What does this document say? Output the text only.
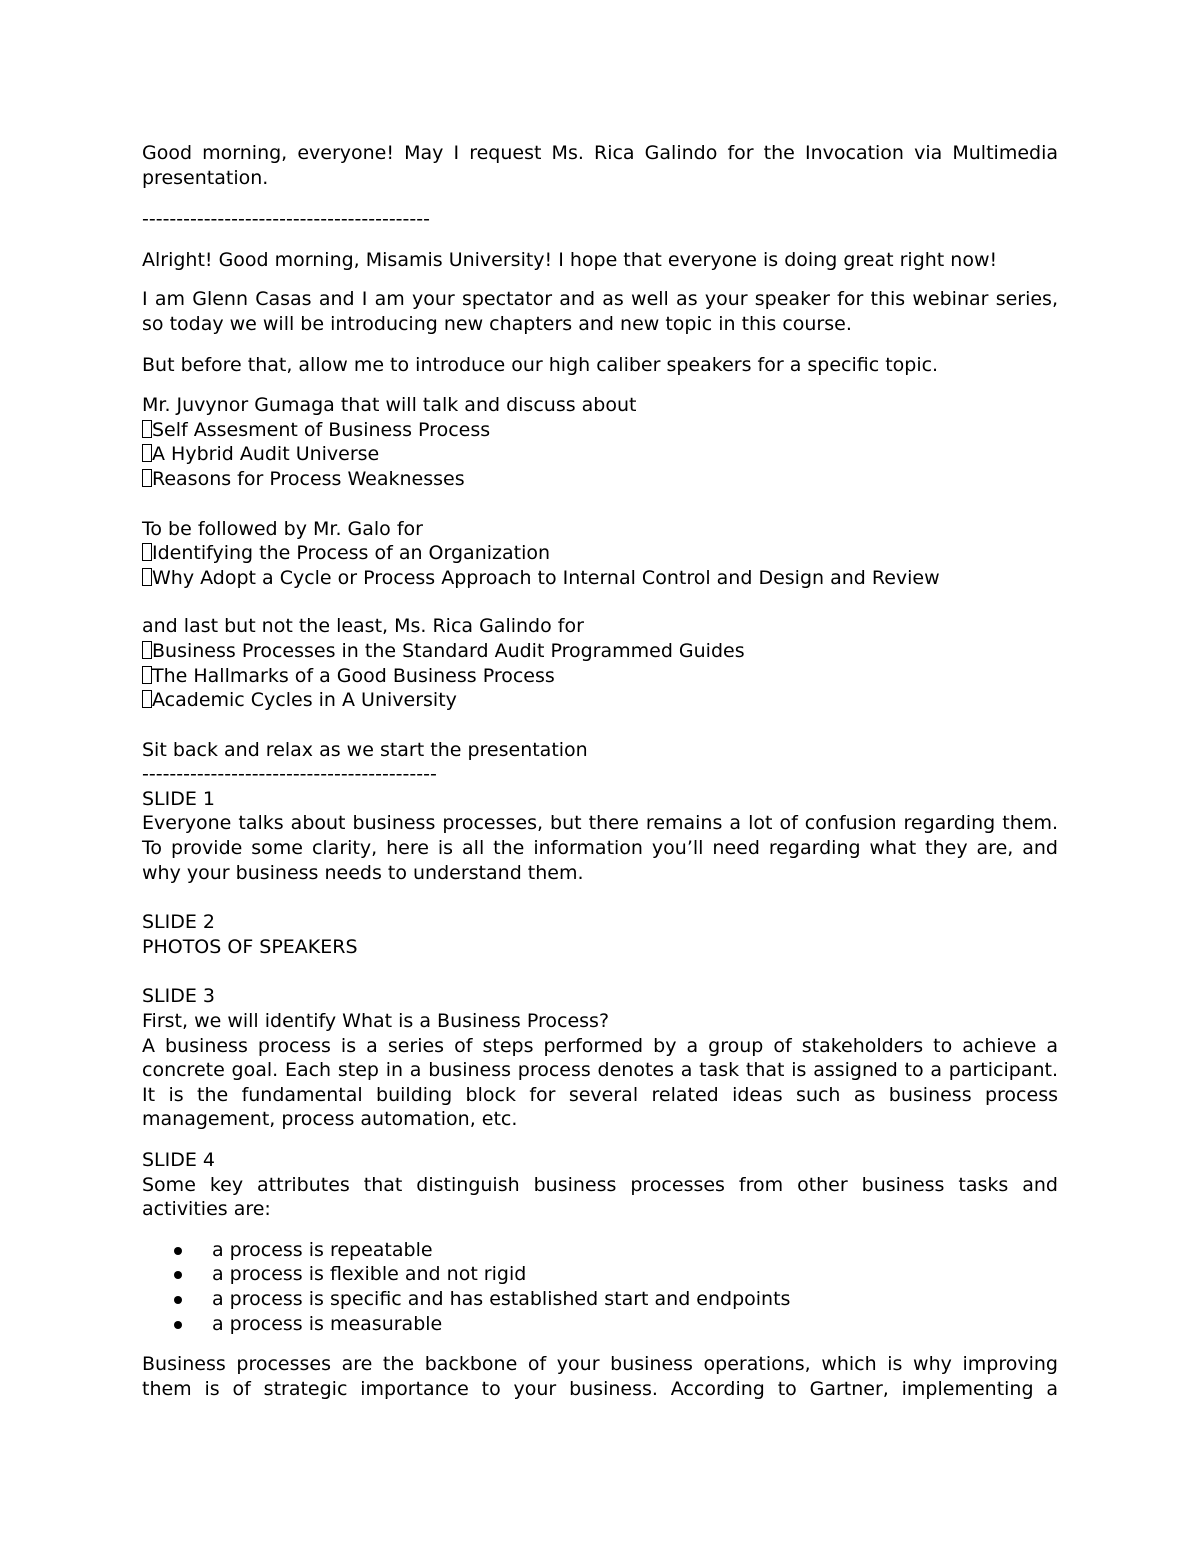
Good morning, everyone! May I request Ms. Rica Galindo for the Invocation via Multimedia presentation.

------------------------------------------

Alright! Good morning, Misamis University! I hope that everyone is doing great right now!

I am Glenn Casas and I am your spectator and as well as your speaker for this webinar series, so today we will be introducing new chapters and new topic in this course.

But before that, allow me to introduce our high caliber speakers for a specific topic.

Mr. Juvynor Gumaga that will talk and discuss about
Self Assesment of Business Process
A Hybrid Audit Universe
Reasons for Process Weaknesses
To be followed by Mr. Galo for
Identifying the Process of an Organization
Why Adopt a Cycle or Process Approach to Internal Control and Design and Review
and last but not the least, Ms. Rica Galindo for
Business Processes in the Standard Audit Programmed Guides
The Hallmarks of a Good Business Process
Academic Cycles in A University
Sit back and relax as we start the presentation
-------------------------------------------
SLIDE 1
Everyone talks about business processes, but there remains a lot of confusion regarding them. To provide some clarity, here is all the information you’ll need regarding what they are, and why your business needs to understand them.
SLIDE 2
PHOTOS OF SPEAKERS
SLIDE 3
First, we will identify What is a Business Process?
A business process is a series of steps performed by a group of stakeholders to achieve a concrete goal. Each step in a business process denotes a task that is assigned to a participant. It is the fundamental building block for several related ideas such as business process management, process automation, etc.
SLIDE 4
Some key attributes that distinguish business processes from other business tasks and activities are:
a process is repeatable
a process is flexible and not rigid
a process is specific and has established start and endpoints
a process is measurable

Business processes are the backbone of your business operations, which is why improving them is of strategic importance to your business. According to Gartner, implementing a
